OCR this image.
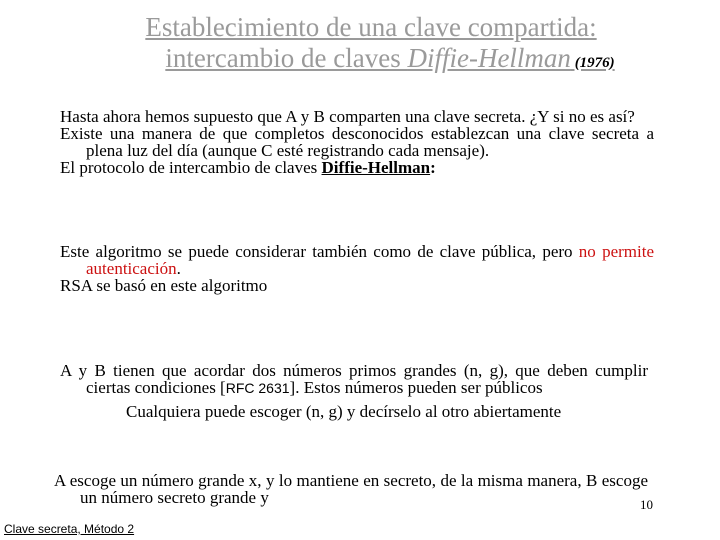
Establecimiento de una clave compartida:
intercambio de claves Diffie-Hellman (1976)

Hasta ahora hemos supuesto que A y B comparten una clave secreta. ¿Y si no es así?

Existe una manera de que completos desconocidos establezcan una clave secreta a plena luz del día (aunque C esté registrando cada mensaje).

El protocolo de intercambio de claves Diffie-Hellman:

Este algoritmo se puede considerar también como de clave pública, pero no permite autenticación.

RSA se basó en este algoritmo

A y B tienen que acordar dos números primos grandes (n, g), que deben cumplir ciertas condiciones [RFC 2631]. Estos números pueden ser públicos

Cualquiera puede escoger (n, g) y decírselo al otro abiertamente

A escoge un número grande x, y lo mantiene en secreto, de la misma manera, B escoge un número secreto grande y	10
Clave secreta, Método 2
